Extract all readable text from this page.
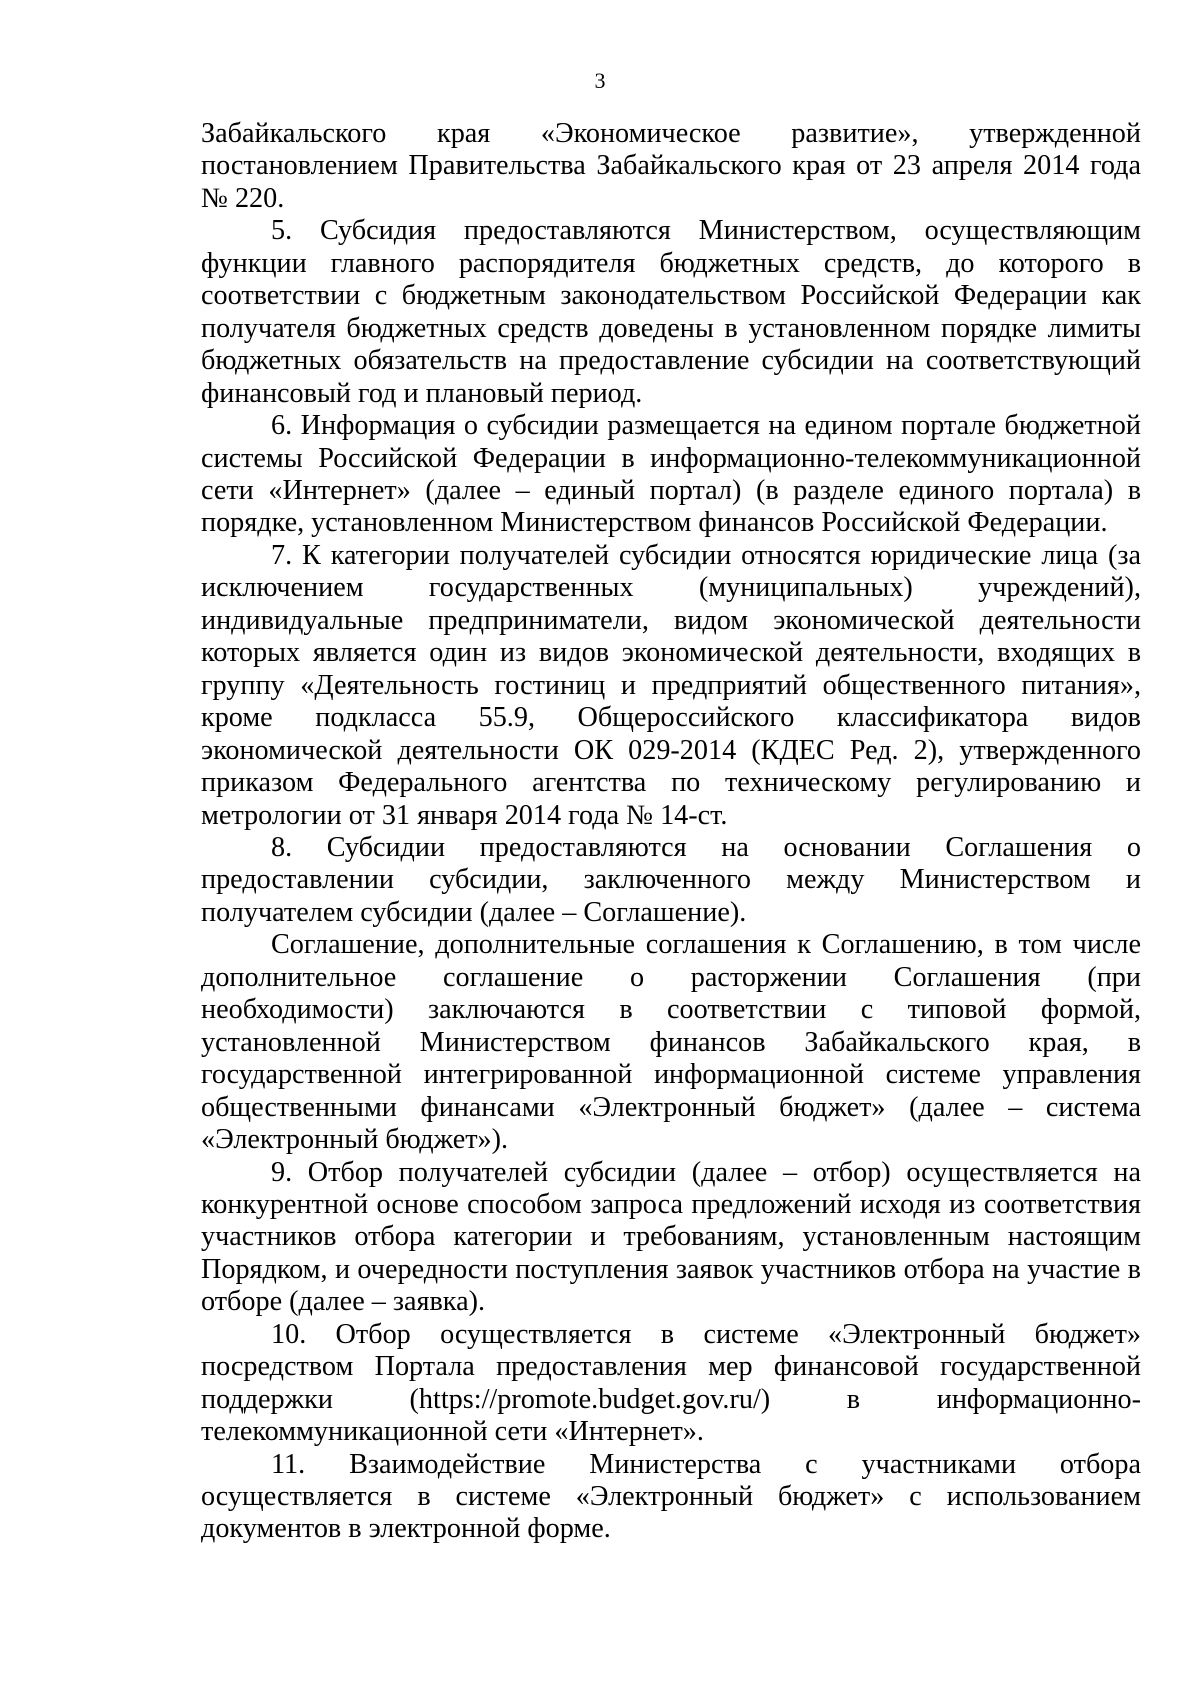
3

Забайкальского края «Экономическое развитие», утвержденной постановлением Правительства Забайкальского края от 23 апреля 2014 года № 220.

5. Субсидия предоставляются Министерством, осуществляющим функции главного распорядителя бюджетных средств, до которого в соответствии с бюджетным законодательством Российской Федерации как получателя бюджетных средств доведены в установленном порядке лимиты бюджетных обязательств на предоставление субсидии на соответствующий финансовый год и плановый период.

6. Информация о субсидии размещается на едином портале бюджетной системы Российской Федерации в информационно-телекоммуникационной сети «Интернет» (далее – единый портал) (в разделе единого портала) в порядке, установленном Министерством финансов Российской Федерации.

7. К категории получателей субсидии относятся юридические лица (за исключением государственных (муниципальных) учреждений), индивидуальные предприниматели, видом экономической деятельности которых является один из видов экономической деятельности, входящих в группу «Деятельность гостиниц и предприятий общественного питания», кроме подкласса 55.9, Общероссийского классификатора видов экономической деятельности ОК 029-2014 (КДЕС Ред. 2), утвержденного приказом Федерального агентства по техническому регулированию и метрологии от 31 января 2014 года № 14-ст.

8. Субсидии предоставляются на основании Соглашения о предоставлении субсидии, заключенного между Министерством и получателем субсидии (далее – Соглашение).

Соглашение, дополнительные соглашения к Соглашению, в том числе дополнительное соглашение о расторжении Соглашения (при необходимости) заключаются в соответствии с типовой формой, установленной Министерством финансов Забайкальского края, в государственной интегрированной информационной системе управления общественными финансами «Электронный бюджет» (далее – система «Электронный бюджет»).

9. Отбор получателей субсидии (далее – отбор) осуществляется на конкурентной основе способом запроса предложений исходя из соответствия участников отбора категории и требованиям, установленным настоящим Порядком, и очередности поступления заявок участников отбора на участие в отборе (далее – заявка).

10. Отбор осуществляется в системе «Электронный бюджет» посредством Портала предоставления мер финансовой государственной поддержки (https://promote.budget.gov.ru/) в информационно-телекоммуникационной сети «Интернет».

11. Взаимодействие Министерства с участниками отбора осуществляется в системе «Электронный бюджет» с использованием документов в электронной форме.
